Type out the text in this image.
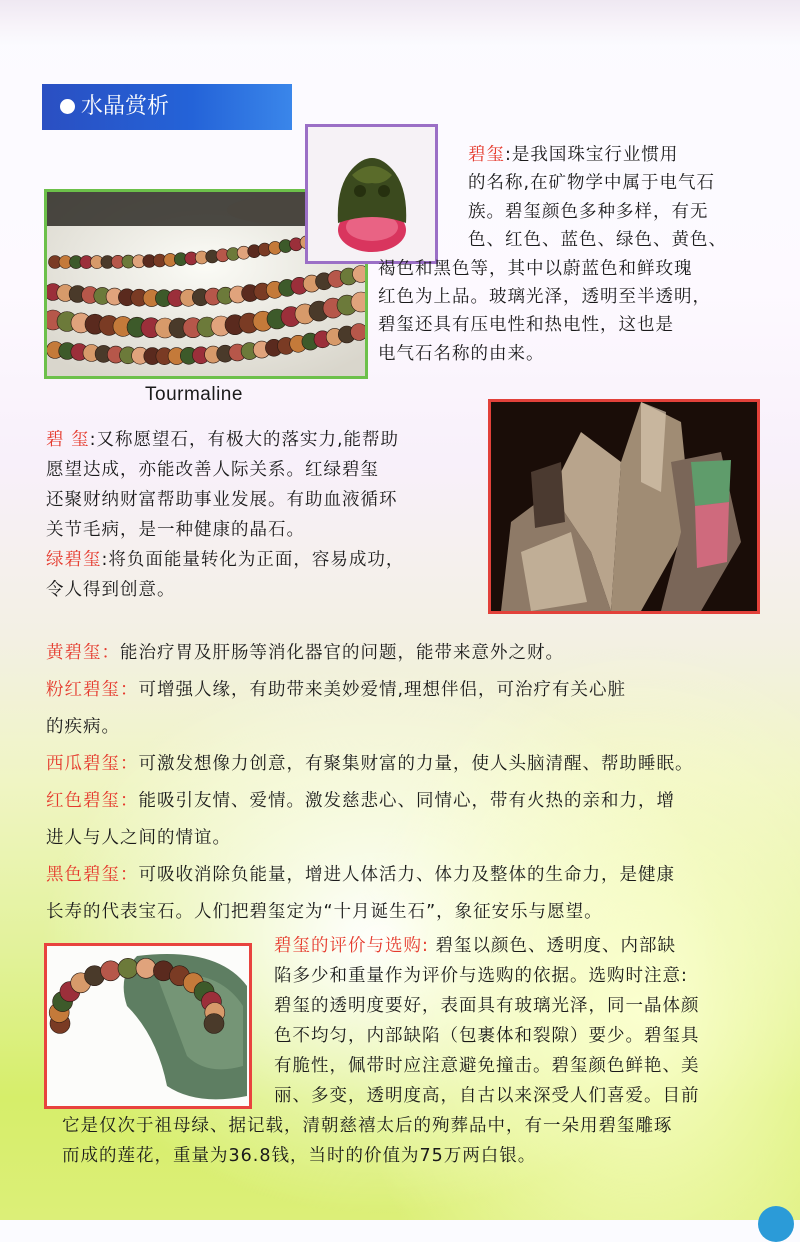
水晶赏析
Tourmaline
碧玺:是我国珠宝行业惯用
的名称,在矿物学中属于电气石
族。碧玺颜色多种多样，有无
色、红色、蓝色、绿色、黄色、
褐色和黑色等，其中以蔚蓝色和鲜玫瑰
红色为上品。玻璃光泽，透明至半透明，
碧玺还具有压电性和热电性，这也是
电气石名称的由来。
碧 玺:又称愿望石，有极大的落实力,能帮助
愿望达成，亦能改善人际关系。红绿碧玺
还聚财纳财富帮助事业发展。有助血液循环
关节毛病，是一种健康的晶石。
绿碧玺:将负面能量转化为正面，容易成功，
令人得到创意。
黄碧玺：能治疗胃及肝肠等消化器官的问题，能带来意外之财。
粉红碧玺：可增强人缘，有助带来美妙爱情,理想伴侣，可治疗有关心脏
的疾病。
西瓜碧玺：可激发想像力创意，有聚集财富的力量，使人头脑清醒、帮助睡眠。
红色碧玺：能吸引友情、爱情。激发慈悲心、同情心，带有火热的亲和力，增
进人与人之间的情谊。
黑色碧玺：可吸收消除负能量，增进人体活力、体力及整体的生命力，是健康
长寿的代表宝石。人们把碧玺定为“十月诞生石”，象征安乐与愿望。
碧玺的评价与选购: 碧玺以颜色、透明度、内部缺
陷多少和重量作为评价与选购的依据。选购时注意:
碧玺的透明度要好，表面具有玻璃光泽，同一晶体颜
色不均匀，内部缺陷（包裹体和裂隙）要少。碧玺具
有脆性，佩带时应注意避免撞击。碧玺颜色鲜艳、美
丽、多变，透明度高，自古以来深受人们喜爱。目前
它是仅次于祖母绿、据记载，清朝慈禧太后的殉葬品中，有一朵用碧玺雕琢
而成的莲花，重量为36.8钱，当时的价值为75万两白银。
